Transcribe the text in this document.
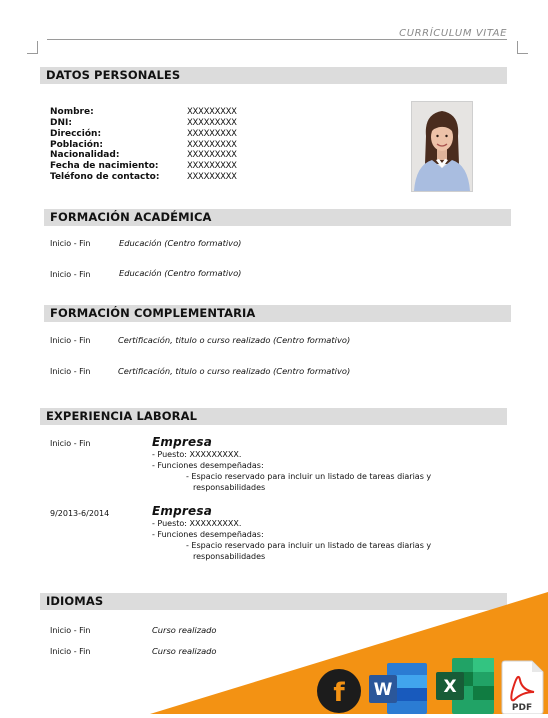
CURRÍCULUM VITAE
DATOS PERSONALES
Nombre:	XXXXXXXXX
DNI:	XXXXXXXXX
Dirección:	XXXXXXXXX
Población:	XXXXXXXXX
Nacionalidad:	XXXXXXXXX
Fecha de nacimiento:	XXXXXXXXX
Teléfono de contacto:	XXXXXXXXX
FORMACIÓN ACADÉMICA
Inicio - Fin	Educación (Centro formativo)
Inicio - Fin	Educación (Centro formativo)
FORMACIÓN COMPLEMENTARIA
Inicio - Fin	Certificación, titulo o curso realizado (Centro formativo)
Inicio - Fin	Certificación, titulo o curso realizado (Centro formativo)
EXPERIENCIA LABORAL
Inicio - Fin	Empresa
- Puesto: XXXXXXXXX.
- Funciones desempeñadas:
- Espacio reservado para incluir un listado de tareas diarias y
responsabilidades
9/2013-6/2014	Empresa
- Puesto: XXXXXXXXX.
- Funciones desempeñadas:
- Espacio reservado para incluir un listado de tareas diarias y
responsabilidades
IDIOMAS
Inicio - Fin	Curso realizado
Inicio - Fin	Curso realizado
f W	X
PDF
